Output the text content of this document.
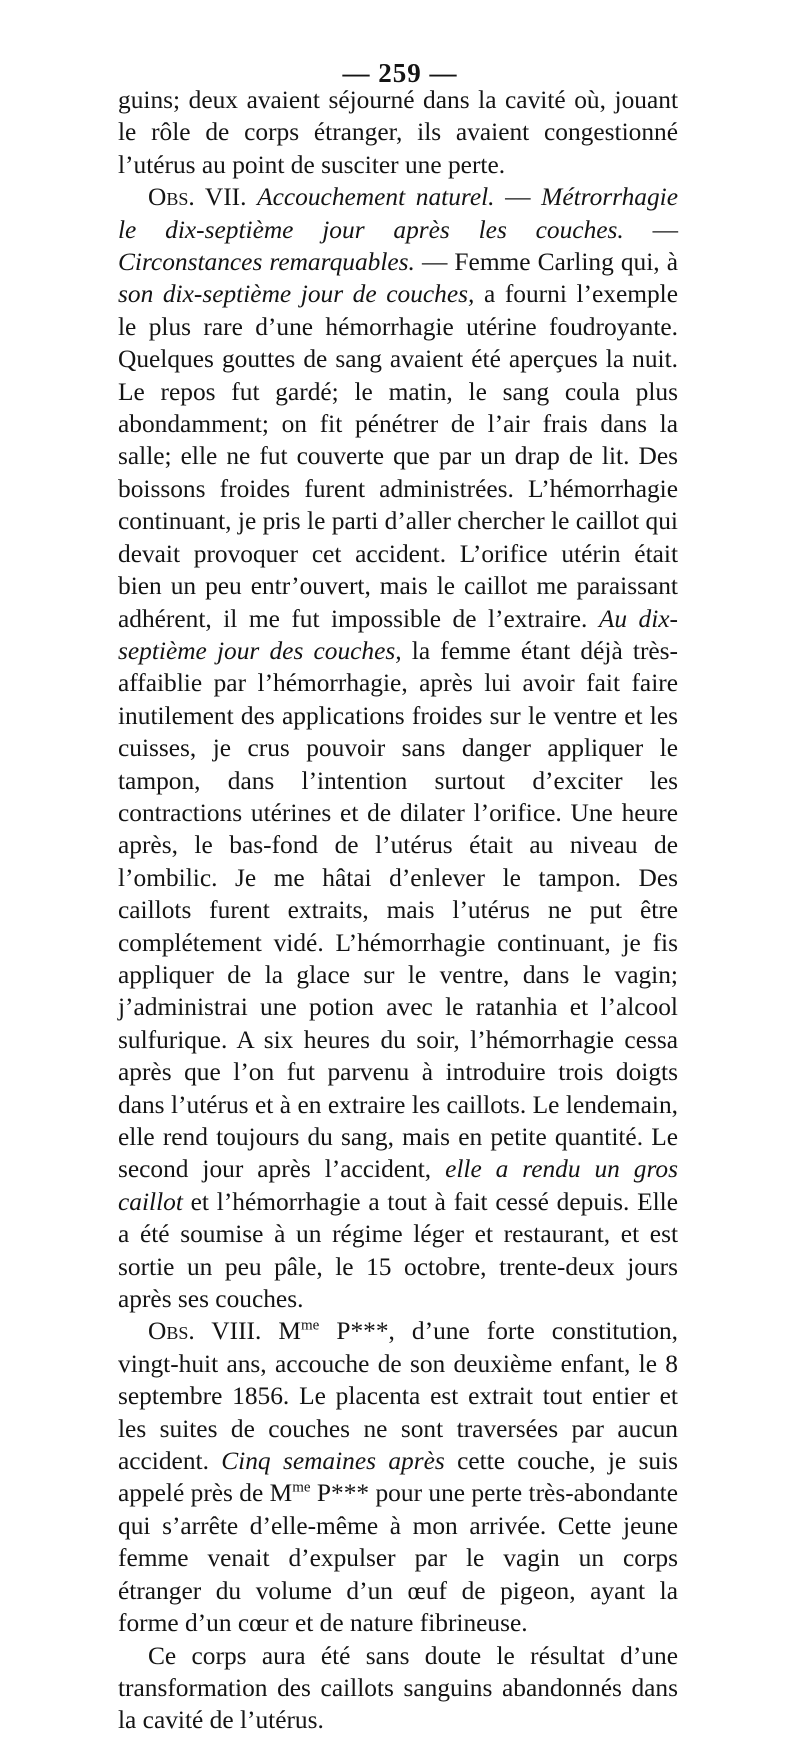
— 259 —

guins; deux avaient séjourné dans la cavité où, jouant le rôle de corps étranger, ils avaient congestionné l’utérus au point de susciter une perte.

Obs. VII. Accouchement naturel. — Métrorrhagie le dix-septième jour après les couches. — Circonstances remarquables. — Femme Carling qui, à son dix-septième jour de couches, a fourni l’exemple le plus rare d’une hémorrhagie utérine foudroyante. Quelques gouttes de sang avaient été aperçues la nuit. Le repos fut gardé; le matin, le sang coula plus abondamment; on fit pénétrer de l’air frais dans la salle; elle ne fut couverte que par un drap de lit. Des boissons froides furent administrées. L’hémorrhagie continuant, je pris le parti d’aller chercher le caillot qui devait provoquer cet accident. L’orifice utérin était bien un peu entr’ouvert, mais le caillot me paraissant adhérent, il me fut impossible de l’extraire. Au dix-septième jour des couches, la femme étant déjà très-affaiblie par l’hémorrhagie, après lui avoir fait faire inutilement des applications froides sur le ventre et les cuisses, je crus pouvoir sans danger appliquer le tampon, dans l’intention surtout d’exciter les contractions utérines et de dilater l’orifice. Une heure après, le bas-fond de l’utérus était au niveau de l’ombilic. Je me hâtai d’enlever le tampon. Des caillots furent extraits, mais l’utérus ne put être complétement vidé. L’hémorrhagie continuant, je fis appliquer de la glace sur le ventre, dans le vagin; j’administrai une potion avec le ratanhia et l’alcool sulfurique. A six heures du soir, l’hémorrhagie cessa après que l’on fut parvenu à introduire trois doigts dans l’utérus et à en extraire les caillots. Le lendemain, elle rend toujours du sang, mais en petite quantité. Le second jour après l’accident, elle a rendu un gros caillot et l’hémorrhagie a tout à fait cessé depuis. Elle a été soumise à un régime léger et restaurant, et est sortie un peu pâle, le 15 octobre, trente-deux jours après ses couches.

Obs. VIII. $M^{me}$ P***, d’une forte constitution, vingt-huit ans, accouche de son deuxième enfant, le 8 septembre 1856. Le placenta est extrait tout entier et les suites de couches ne sont traversées par aucun accident. Cinq semaines après cette couche, je suis appelé près de $M^{me}$ P*** pour une perte très-abondante qui s’arrête d’elle-même à mon arrivée. Cette jeune femme venait d’expulser par le vagin un corps étranger du volume d’un œuf de pigeon, ayant la forme d’un cœur et de nature fibrineuse.

Ce corps aura été sans doute le résultat d’une transformation des caillots sanguins abandonnés dans la cavité de l’utérus.
